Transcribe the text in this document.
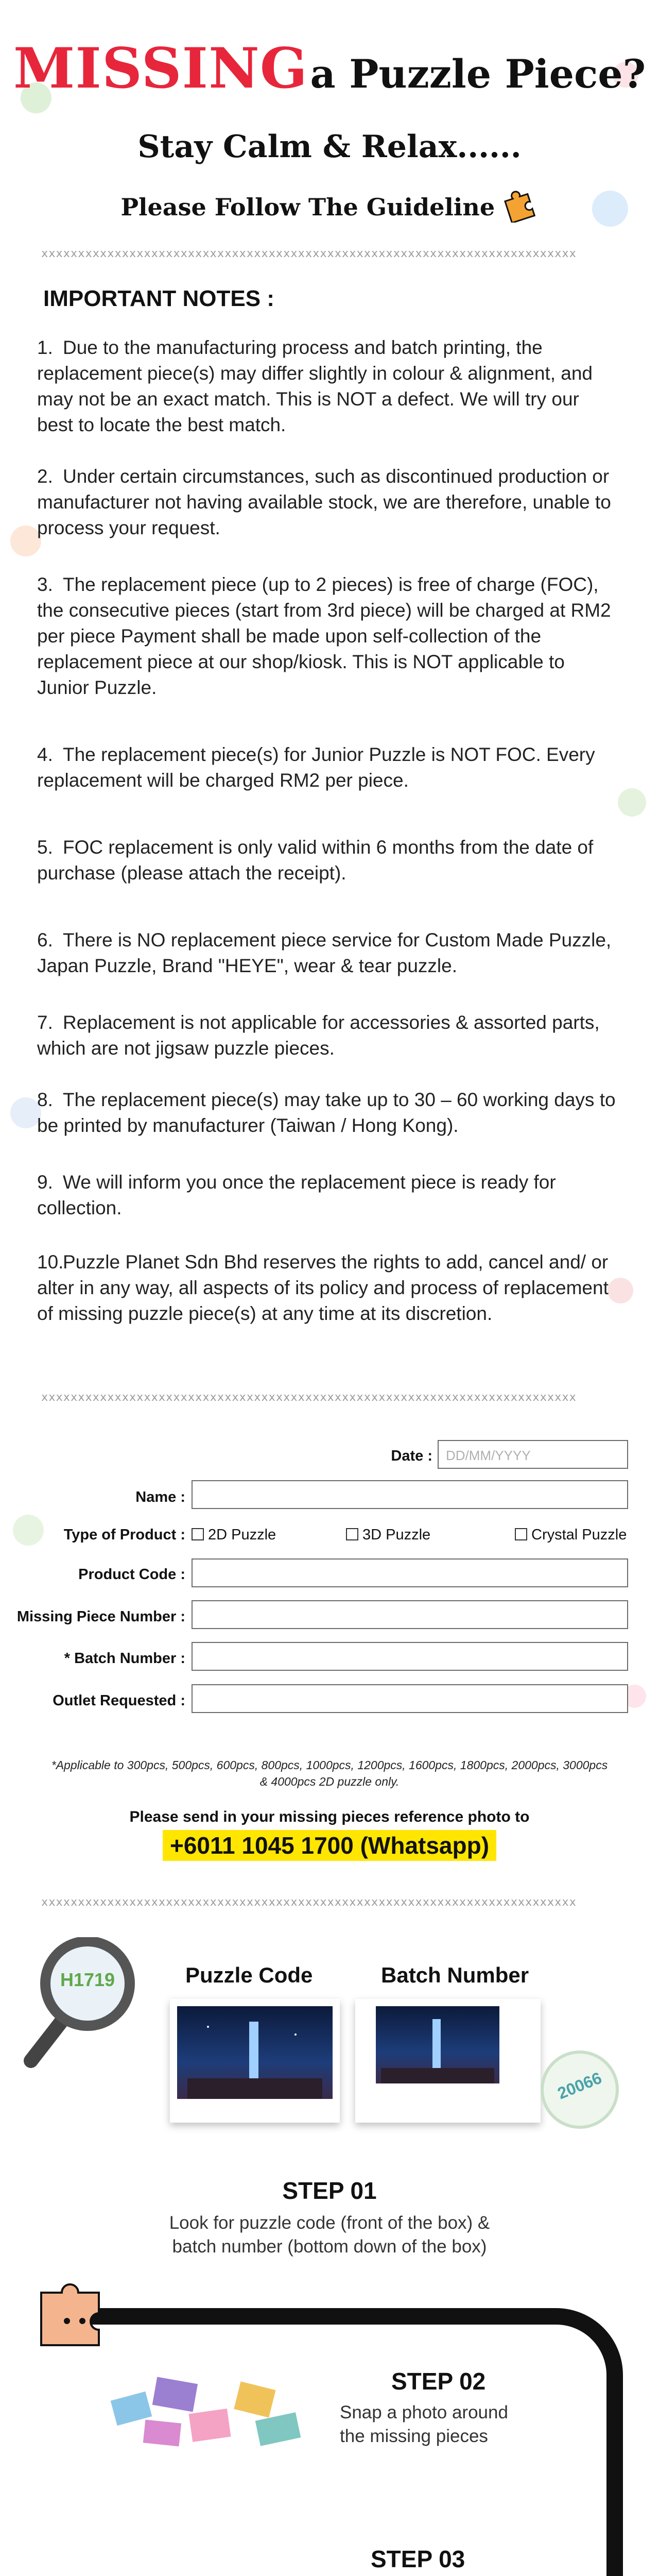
MISSING a Puzzle Piece?
Stay Calm & Relax......
Please Follow The Guideline
xxxxxxxxxxxxxxxxxxxxxxxxxxxxxxxxxxxxxxxxxxxxxxxxxxxxxxxxxxxxxxxxxxxxxxxxx
IMPORTANT NOTES :
1. Due to the manufacturing process and batch printing, the replacement piece(s) may differ slightly in colour & alignment, and may not be an exact match. This is NOT a defect. We will try our best to locate the best match.
2. Under certain circumstances, such as discontinued production or manufacturer not having available stock, we are therefore, unable to process your request.
3. The replacement piece (up to 2 pieces) is free of charge (FOC), the consecutive pieces (start from 3rd piece) will be charged at RM2 per piece Payment shall be made upon self-collection of the replacement piece at our shop/kiosk. This is NOT applicable to Junior Puzzle.
4. The replacement piece(s) for Junior Puzzle is NOT FOC. Every replacement will be charged RM2 per piece.
5. FOC replacement is only valid within 6 months from the date of purchase (please attach the receipt).
6. There is NO replacement piece service for Custom Made Puzzle, Japan Puzzle, Brand "HEYE", wear & tear puzzle.
7. Replacement is not applicable for accessories & assorted parts, which are not jigsaw puzzle pieces.
8. The replacement piece(s) may take up to 30 – 60 working days to be printed by manufacturer (Taiwan / Hong Kong).
9. We will inform you once the replacement piece is ready for collection.
10.Puzzle Planet Sdn Bhd reserves the rights to add, cancel and/ or alter in any way, all aspects of its policy and process of replacement of missing puzzle piece(s) at any time at its discretion.
xxxxxxxxxxxxxxxxxxxxxxxxxxxxxxxxxxxxxxxxxxxxxxxxxxxxxxxxxxxxxxxxxxxxxxxxx
Date : DD/MM/YYYY
Name :
Type of Product :	2D Puzzle	3D Puzzle	Crystal Puzzle
Product Code :
Missing Piece Number :
* Batch Number :
Outlet Requested :
*Applicable to 300pcs, 500pcs, 600pcs, 800pcs, 1000pcs, 1200pcs, 1600pcs, 1800pcs, 2000pcs, 3000pcs
& 4000pcs 2D puzzle only.
Please send in your missing pieces reference photo to
+6011 1045 1700 (Whatsapp)
xxxxxxxxxxxxxxxxxxxxxxxxxxxxxxxxxxxxxxxxxxxxxxxxxxxxxxxxxxxxxxxxxxxxxxxxx
H1719	Puzzle Code	Batch Number
20066
STEP 01
Look for puzzle code (front of the box) &
batch number (bottom down of the box)
STEP 02
Snap a photo around
the missing pieces
STEP 03
